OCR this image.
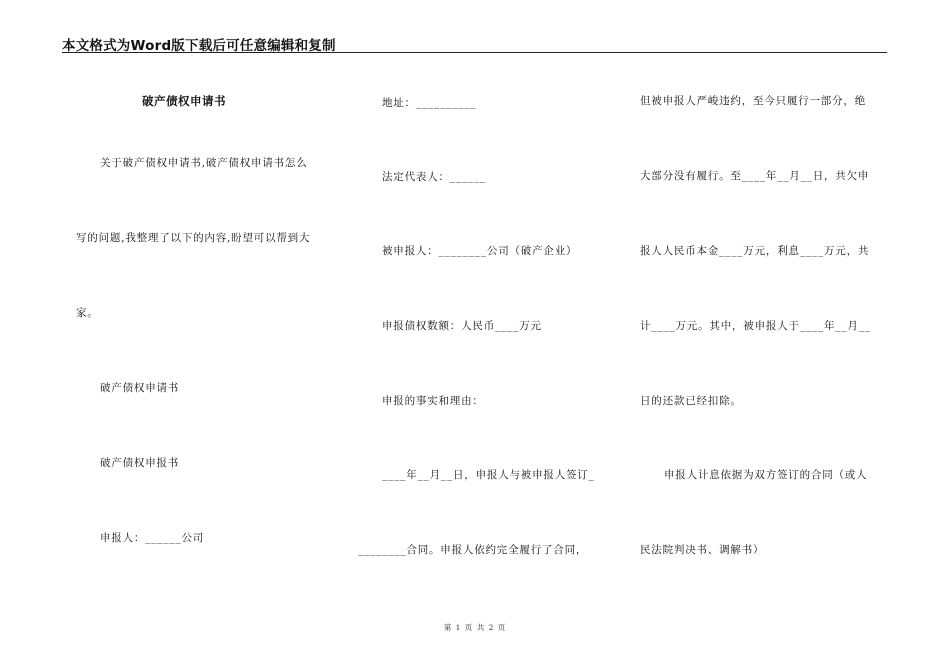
本文格式为Word版下载后可任意编辑和复制
破产债权申请书
关于破产债权申请书,破产债权申请书怎么
写的问题,我整理了以下的内容,盼望可以帮到大
家。
破产债权申请书
破产债权申报书
申报人：______公司
地址：__________
法定代表人：______
被申报人：________公司（破产企业）
申报债权数额：人民币____万元
申报的事实和理由：
____年__月__日，申报人与被申报人签订_
________合同。申报人依约完全履行了合同，
但被申报人严峻违约，至今只履行一部分，绝
大部分没有履行。至____年__月__日，共欠申
报人人民币本金____万元，利息____万元，共
计____万元。其中，被申报人于____年__月__
日的还款已经扣除。
申报人计息依据为双方签订的合同（或人
民法院判决书、调解书）
第 1 页 共 2 页
